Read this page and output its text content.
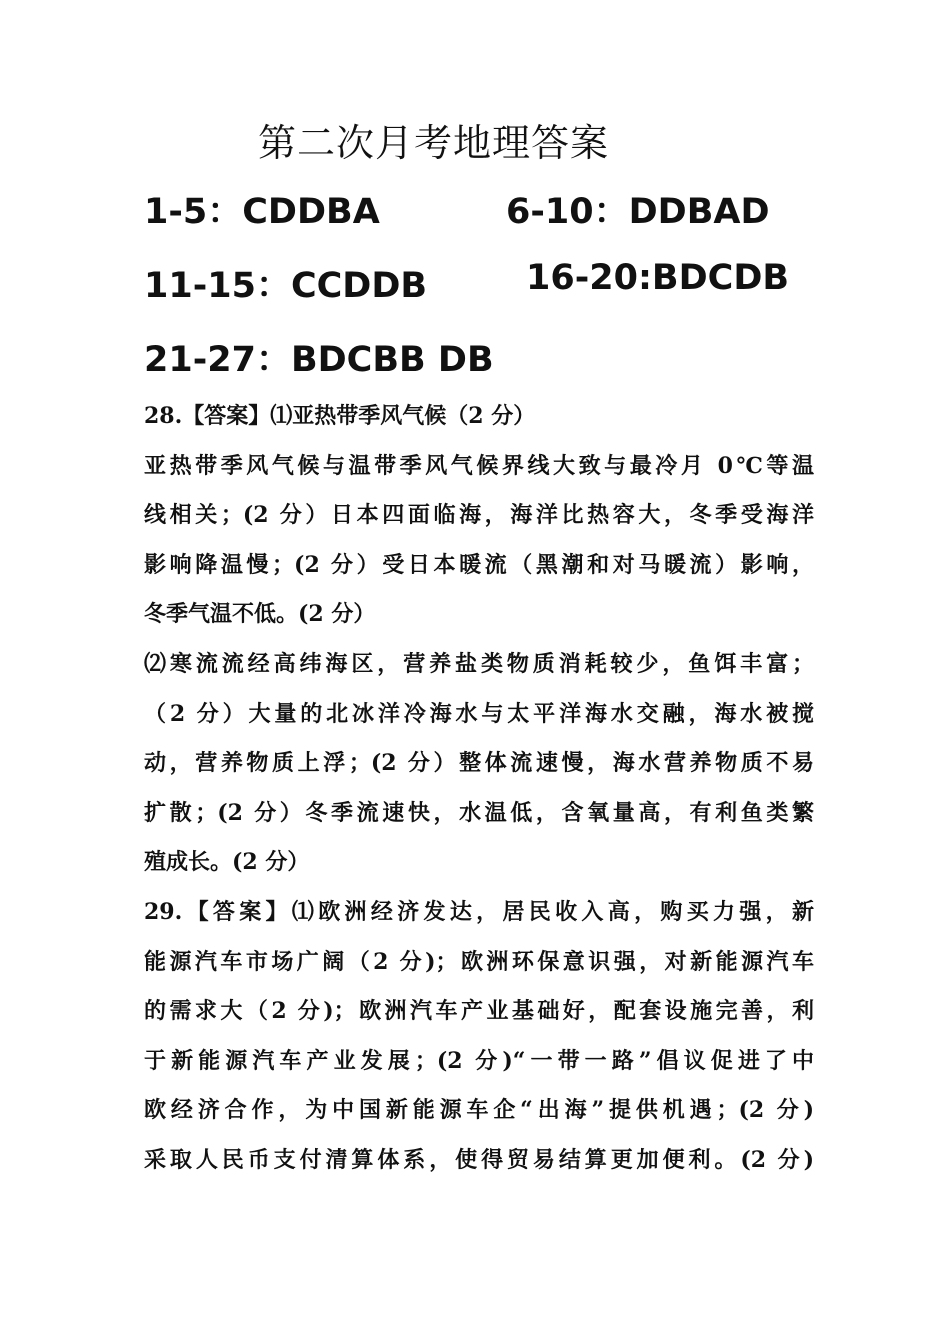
第二次月考地理答案
1-5：CDDBA	6-10：DDBAD
11-15：CCDDB	16-20:BDCDB
21-27：BDCBB DB
28.【答案】⑴亚热带季风气候（2 分）
亚热带季风气候与温带季风气候界线大致与最冷月 0℃等温
线相关；(2 分）日本四面临海，海洋比热容大，冬季受海洋
影响降温慢；(2 分）受日本暖流（黑潮和对马暖流）影响，
冬季气温不低。(2 分）
⑵寒流流经高纬海区，营养盐类物质消耗较少，鱼饵丰富；
（2 分）大量的北冰洋冷海水与太平洋海水交融，海水被搅
动，营养物质上浮；(2 分）整体流速慢，海水营养物质不易
扩散；(2 分）冬季流速快，水温低，含氧量高，有利鱼类繁
殖成长。(2 分）
29.【答案】⑴欧洲经济发达，居民收入高，购买力强，新
能源汽车市场广阔（2 分)；欧洲环保意识强，对新能源汽车
的需求大（2 分)；欧洲汽车产业基础好，配套设施完善，利
于新能源汽车产业发展；(2 分)“一带一路”倡议促进了中
欧经济合作，为中国新能源车企“出海”提供机遇；(2 分)
采取人民币支付清算体系，使得贸易结算更加便利。(2 分)
